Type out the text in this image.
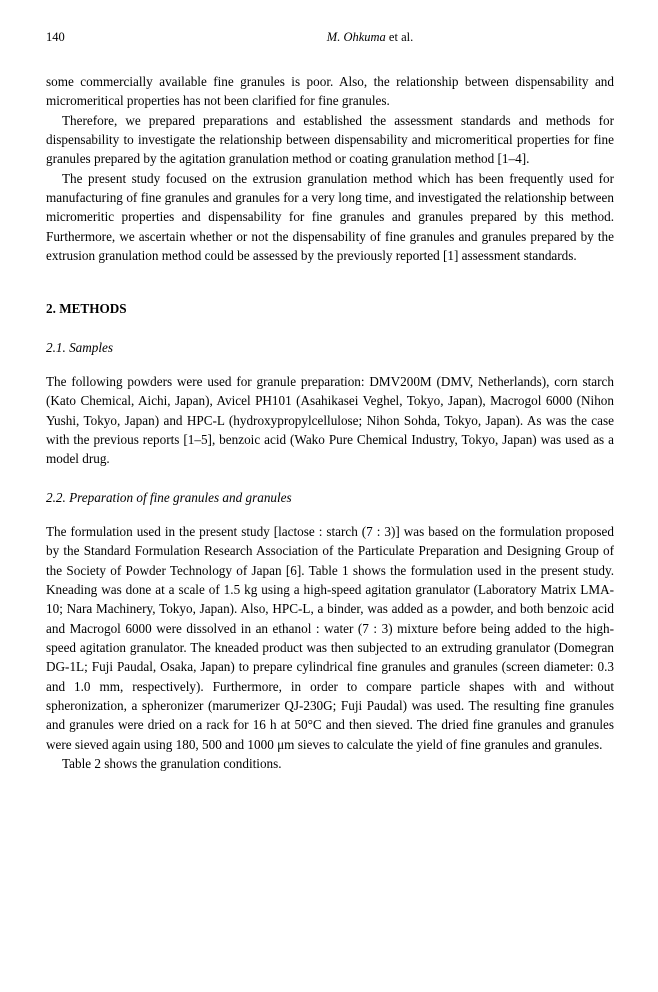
140	M. Ohkuma et al.

some commercially available fine granules is poor. Also, the relationship between dispensability and micromeritical properties has not been clarified for fine granules.

Therefore, we prepared preparations and established the assessment standards and methods for dispensability to investigate the relationship between dispensability and micromeritical properties for fine granules prepared by the agitation granulation method or coating granulation method [1–4].

The present study focused on the extrusion granulation method which has been frequently used for manufacturing of fine granules and granules for a very long time, and investigated the relationship between micromeritic properties and dispensability for fine granules and granules prepared by this method. Furthermore, we ascertain whether or not the dispensability of fine granules and granules prepared by the extrusion granulation method could be assessed by the previously reported [1] assessment standards.

2. METHODS

2.1. Samples

The following powders were used for granule preparation: DMV200M (DMV, Netherlands), corn starch (Kato Chemical, Aichi, Japan), Avicel PH101 (Asahikasei Veghel, Tokyo, Japan), Macrogol 6000 (Nihon Yushi, Tokyo, Japan) and HPC-L (hydroxypropylcellulose; Nihon Sohda, Tokyo, Japan). As was the case with the previous reports [1–5], benzoic acid (Wako Pure Chemical Industry, Tokyo, Japan) was used as a model drug.

2.2. Preparation of fine granules and granules

The formulation used in the present study [lactose : starch (7 : 3)] was based on the formulation proposed by the Standard Formulation Research Association of the Particulate Preparation and Designing Group of the Society of Powder Technology of Japan [6]. Table 1 shows the formulation used in the present study. Kneading was done at a scale of 1.5 kg using a high-speed agitation granulator (Laboratory Matrix LMA-10; Nara Machinery, Tokyo, Japan). Also, HPC-L, a binder, was added as a powder, and both benzoic acid and Macrogol 6000 were dissolved in an ethanol : water (7 : 3) mixture before being added to the high-speed agitation granulator. The kneaded product was then subjected to an extruding granulator (Domegran DG-1L; Fuji Paudal, Osaka, Japan) to prepare cylindrical fine granules and granules (screen diameter: 0.3 and 1.0 mm, respectively). Furthermore, in order to compare particle shapes with and without spheronization, a spheronizer (marumerizer QJ-230G; Fuji Paudal) was used. The resulting fine granules and granules were dried on a rack for 16 h at 50°C and then sieved. The dried fine granules and granules were sieved again using 180, 500 and 1000 μm sieves to calculate the yield of fine granules and granules.

Table 2 shows the granulation conditions.
